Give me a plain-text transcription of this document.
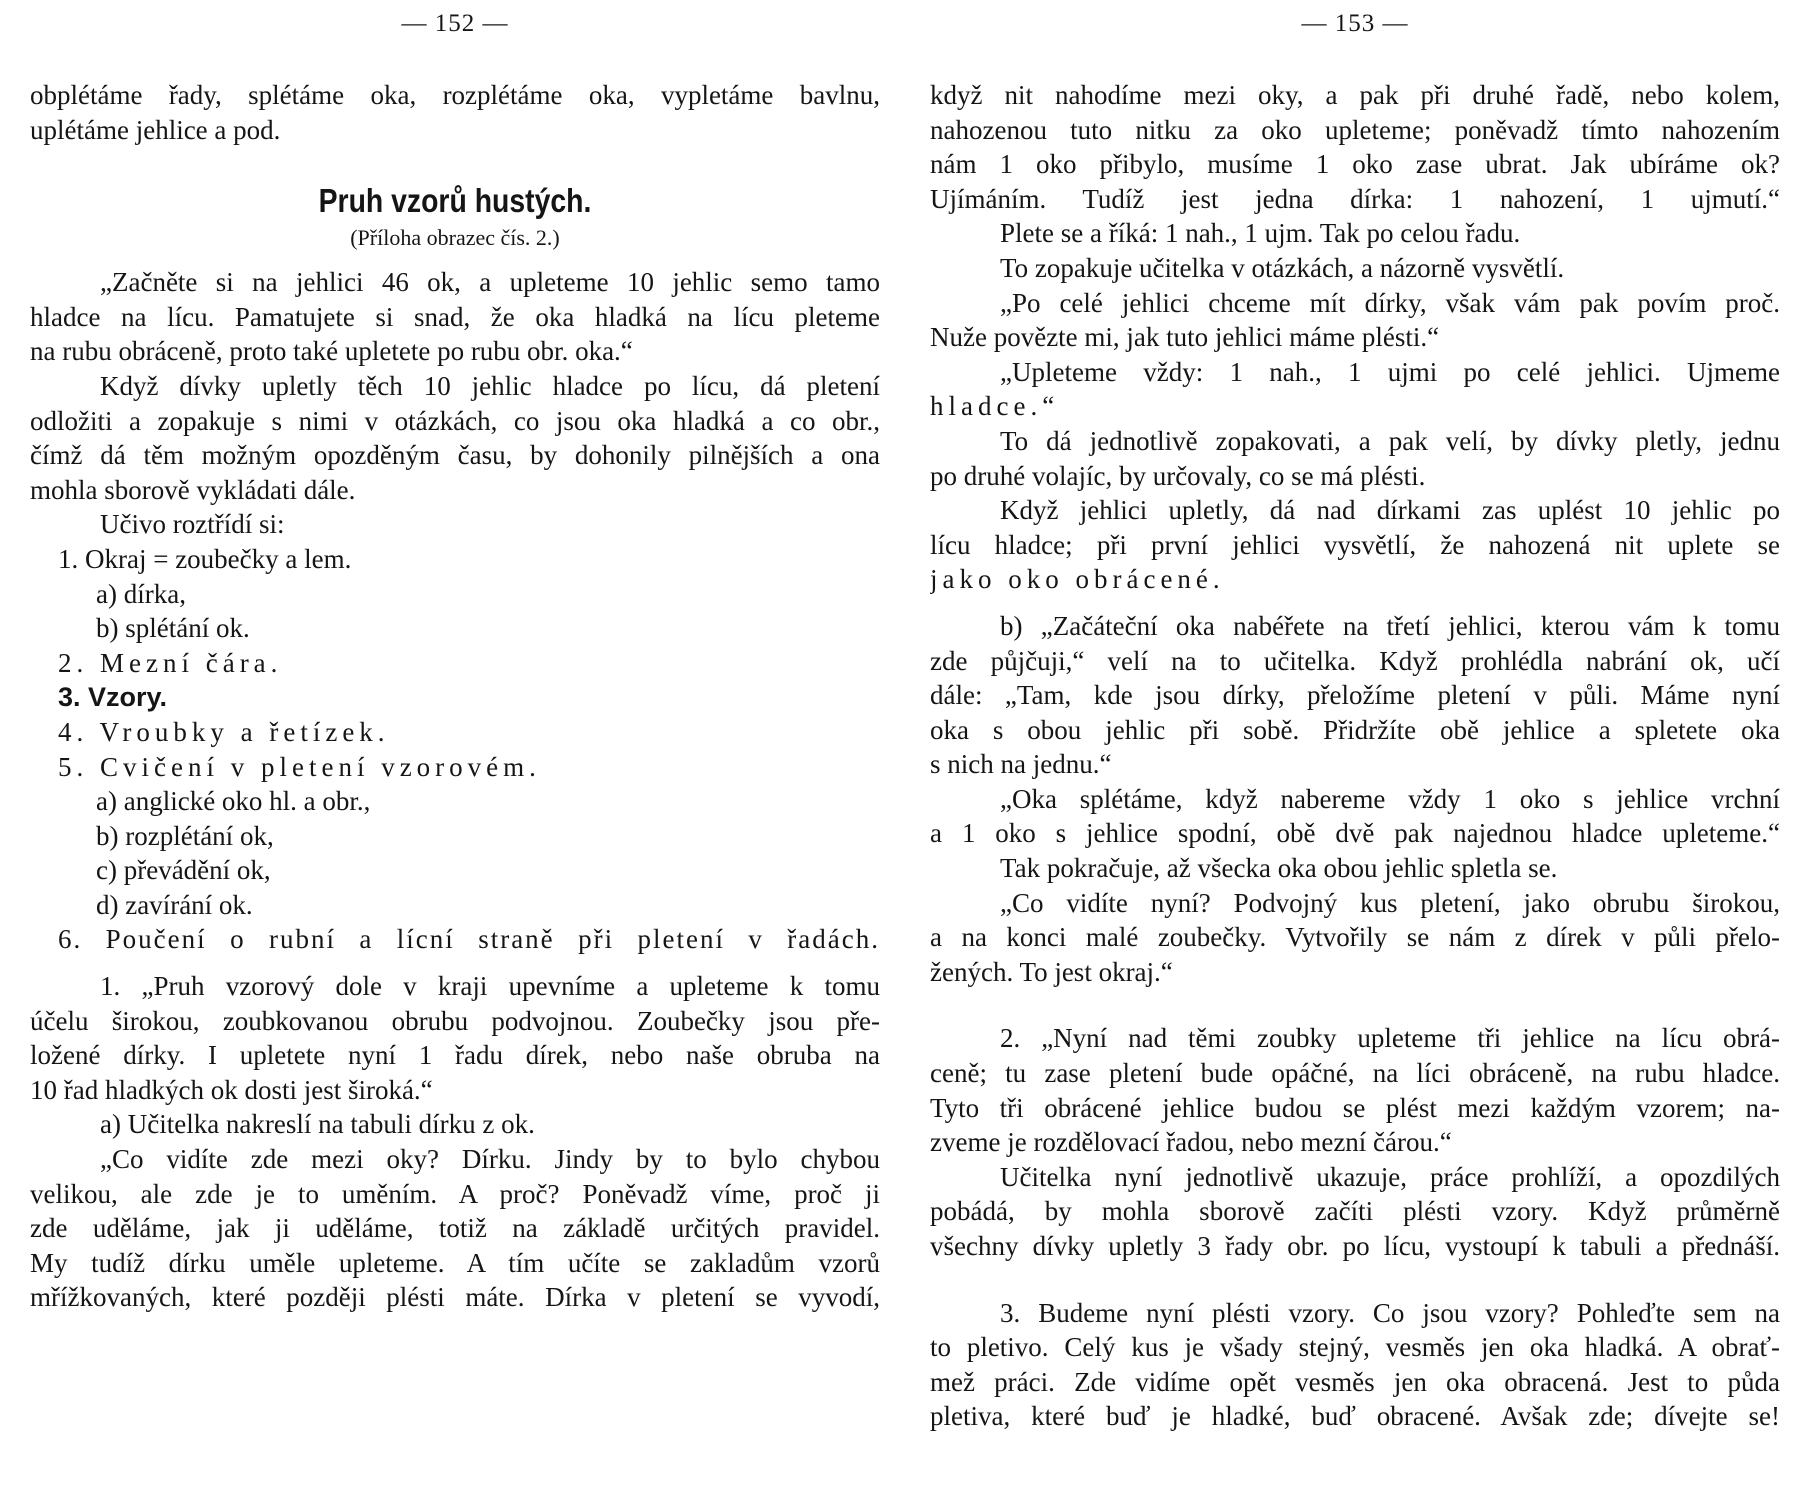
— 152 —
obplétáme řady, splétáme oka, rozplétáme oka, vypletáme bavlnu,
uplétáme jehlice a pod.
Pruh vzorů hustých.
(Příloha obrazec čís. 2.)
„Začněte si na jehlici 46 ok, a upleteme 10 jehlic semo tamo
hladce na lícu. Pamatujete si snad, že oka hladká na lícu pleteme
na rubu obráceně, proto také upletete po rubu obr. oka.“
Když dívky upletly těch 10 jehlic hladce po lícu, dá pletení
odložiti a zopakuje s nimi v otázkách, co jsou oka hladká a co obr.,
čímž dá těm možným opozděným času, by dohonily pilnějších a ona
mohla sborově vykládati dále.
Učivo roztřídí si:
1. Okraj = zoubečky a lem.
a) dírka,
b) splétání ok.
2. Mezní čára.
3. Vzory.
4. Vroubky a řetízek.
5. Cvičení v pletení vzorovém.
a) anglické oko hl. a obr.,
b) rozplétání ok,
c) převádění ok,
d) zavírání ok.
6. Poučení o rubní a lícní straně při pletení v řadách.
1. „Pruh vzorový dole v kraji upevníme a upleteme k tomu
účelu širokou, zoubkovanou obrubu podvojnou. Zoubečky jsou pře-
ložené dírky. I upletete nyní 1 řadu dírek, nebo naše obruba na
10 řad hladkých ok dosti jest široká.“
a) Učitelka nakreslí na tabuli dírku z ok.
„Co vidíte zde mezi oky? Dírku. Jindy by to bylo chybou
velikou, ale zde je to uměním. A proč? Poněvadž víme, proč ji
zde uděláme, jak ji uděláme, totiž na základě určitých pravidel.
My tudíž dírku uměle upleteme. A tím učíte se zakladům vzorů
mřížkovaných, které později plésti máte. Dírka v pletení se vyvodí,
— 153 —
když nit nahodíme mezi oky, a pak při druhé řadě, nebo kolem,
nahozenou tuto nitku za oko upleteme; poněvadž tímto nahozením
nám 1 oko přibylo, musíme 1 oko zase ubrat. Jak ubíráme ok?
Ujímáním. Tudíž jest jedna dírka: 1 nahození, 1 ujmutí.“
Plete se a říká: 1 nah., 1 ujm. Tak po celou řadu.
To zopakuje učitelka v otázkách, a názorně vysvětlí.
„Po celé jehlici chceme mít dírky, však vám pak povím proč.
Nuže povězte mi, jak tuto jehlici máme plésti.“
„Upleteme vždy: 1 nah., 1 ujmi po celé jehlici. Ujmeme
hladce.“
To dá jednotlivě zopakovati, a pak velí, by dívky pletly, jednu
po druhé volajíc, by určovaly, co se má plésti.
Když jehlici upletly, dá nad dírkami zas uplést 10 jehlic po
lícu hladce; při první jehlici vysvětlí, že nahozená nit uplete se
jako oko obrácené.
b) „Začáteční oka nabéřete na třetí jehlici, kterou vám k tomu
zde půjčuji,“ velí na to učitelka. Když prohlédla nabrání ok, učí
dále: „Tam, kde jsou dírky, přeložíme pletení v půli. Máme nyní
oka s obou jehlic při sobě. Přidržíte obě jehlice a spletete oka
s nich na jednu.“
„Oka splétáme, když nabereme vždy 1 oko s jehlice vrchní
a 1 oko s jehlice spodní, obě dvě pak najednou hladce upleteme.“
Tak pokračuje, až všecka oka obou jehlic spletla se.
„Co vidíte nyní? Podvojný kus pletení, jako obrubu širokou,
a na konci malé zoubečky. Vytvořily se nám z dírek v půli přelo-
žených. To jest okraj.“
2. „Nyní nad těmi zoubky upleteme tři jehlice na lícu obrá-
ceně; tu zase pletení bude opáčné, na líci obráceně, na rubu hladce.
Tyto tři obrácené jehlice budou se plést mezi každým vzorem; na-
zveme je rozdělovací řadou, nebo mezní čárou.“
Učitelka nyní jednotlivě ukazuje, práce prohlíží, a opozdilých
pobádá, by mohla sborově začíti plésti vzory. Když průměrně
všechny dívky upletly 3 řady obr. po lícu, vystoupí k tabuli a přednáší.
3. Budeme nyní plésti vzory. Co jsou vzory? Pohleďte sem na
to pletivo. Celý kus je všady stejný, vesměs jen oka hladká. A obrať-
mež práci. Zde vidíme opět vesměs jen oka obracená. Jest to půda
pletiva, které buď je hladké, buď obracené. Avšak zde; dívejte se!
